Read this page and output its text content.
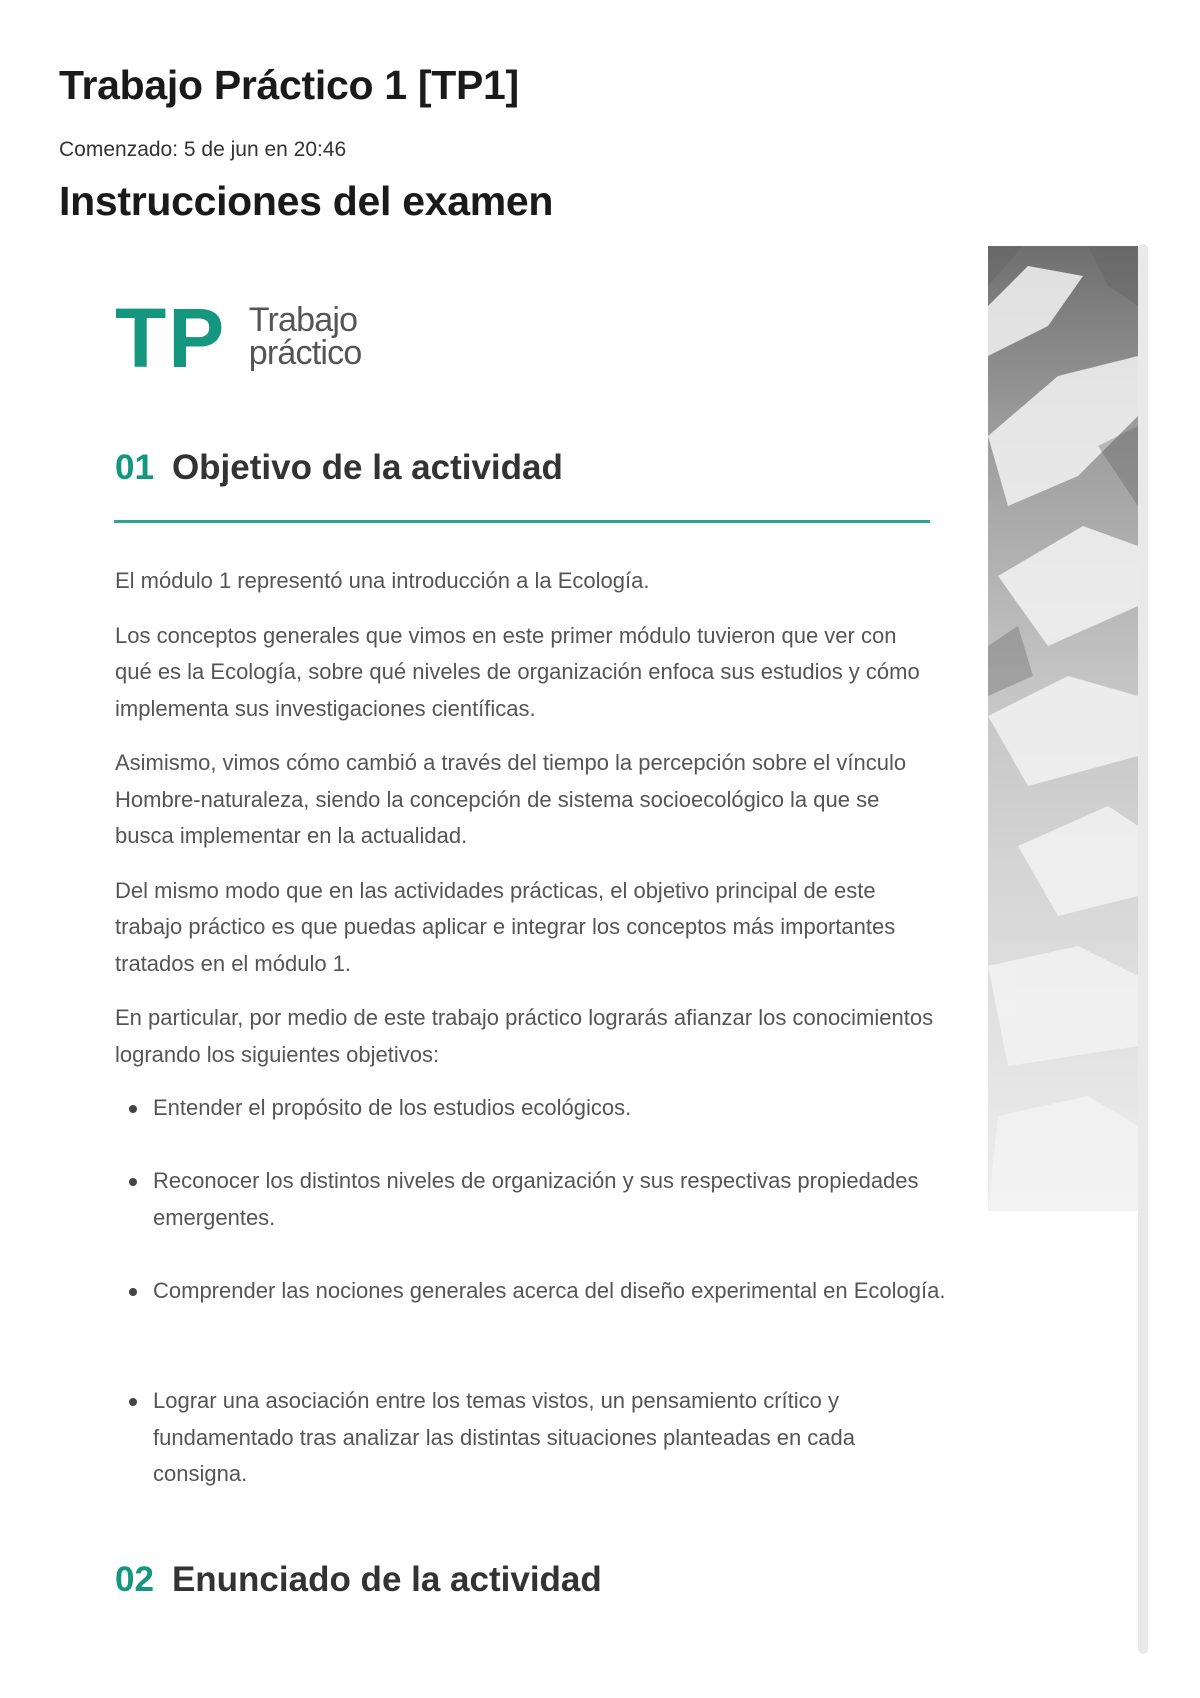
Trabajo Práctico 1 [TP1]
Comenzado: 5 de jun en 20:46
Instrucciones del examen
TP Trabajo
práctico
01 Objetivo de la actividad

El módulo 1 representó una introducción a la Ecología.

Los conceptos generales que vimos en este primer módulo tuvieron que ver con qué es la Ecología, sobre qué niveles de organización enfoca sus estudios y cómo implementa sus investigaciones científicas.

Asimismo, vimos cómo cambió a través del tiempo la percepción sobre el vínculo Hombre-naturaleza, siendo la concepción de sistema socioecológico la que se busca implementar en la actualidad.

Del mismo modo que en las actividades prácticas, el objetivo principal de este trabajo práctico es que puedas aplicar e integrar los conceptos más importantes tratados en el módulo 1.

En particular, por medio de este trabajo práctico lograrás afianzar los conocimientos logrando los siguientes objetivos:

Entender el propósito de los estudios ecológicos.
Reconocer los distintos niveles de organización y sus respectivas propiedades emergentes.
Comprender las nociones generales acerca del diseño experimental en Ecología.
Lograr una asociación entre los temas vistos, un pensamiento crítico y fundamentado tras analizar las distintas situaciones planteadas en cada consigna.
02 Enunciado de la actividad
